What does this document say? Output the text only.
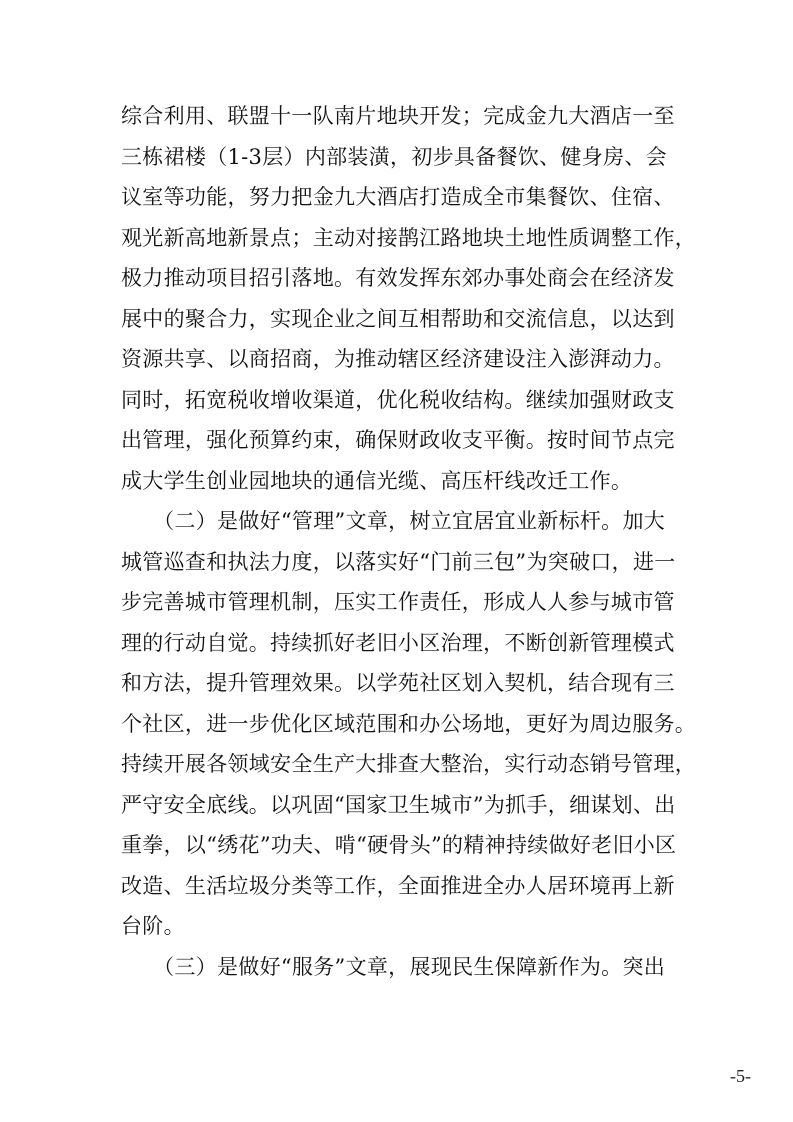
综合利用、联盟十一队南片地块开发；完成金九大酒店一至
三栋裙楼（1-3层）内部装潢，初步具备餐饮、健身房、会
议室等功能，努力把金九大酒店打造成全市集餐饮、住宿、
观光新高地新景点；主动对接鹊江路地块土地性质调整工作，
极力推动项目招引落地。有效发挥东郊办事处商会在经济发
展中的聚合力，实现企业之间互相帮助和交流信息，以达到
资源共享、以商招商，为推动辖区经济建设注入澎湃动力。
同时，拓宽税收增收渠道，优化税收结构。继续加强财政支
出管理，强化预算约束，确保财政收支平衡。按时间节点完
成大学生创业园地块的通信光缆、高压杆线改迁工作。
　　（二）是做好“管理”文章，树立宜居宜业新标杆。加大
城管巡查和执法力度，以落实好“门前三包”为突破口，进一
步完善城市管理机制，压实工作责任，形成人人参与城市管
理的行动自觉。持续抓好老旧小区治理，不断创新管理模式
和方法，提升管理效果。以学苑社区划入契机，结合现有三
个社区，进一步优化区域范围和办公场地，更好为周边服务。
持续开展各领域安全生产大排查大整治，实行动态销号管理，
严守安全底线。以巩固“国家卫生城市”为抓手，细谋划、出
重拳，以“绣花”功夫、啃“硬骨头”的精神持续做好老旧小区
改造、生活垃圾分类等工作，全面推进全办人居环境再上新
台阶。
　　（三）是做好“服务”文章，展现民生保障新作为。突出
-5-
